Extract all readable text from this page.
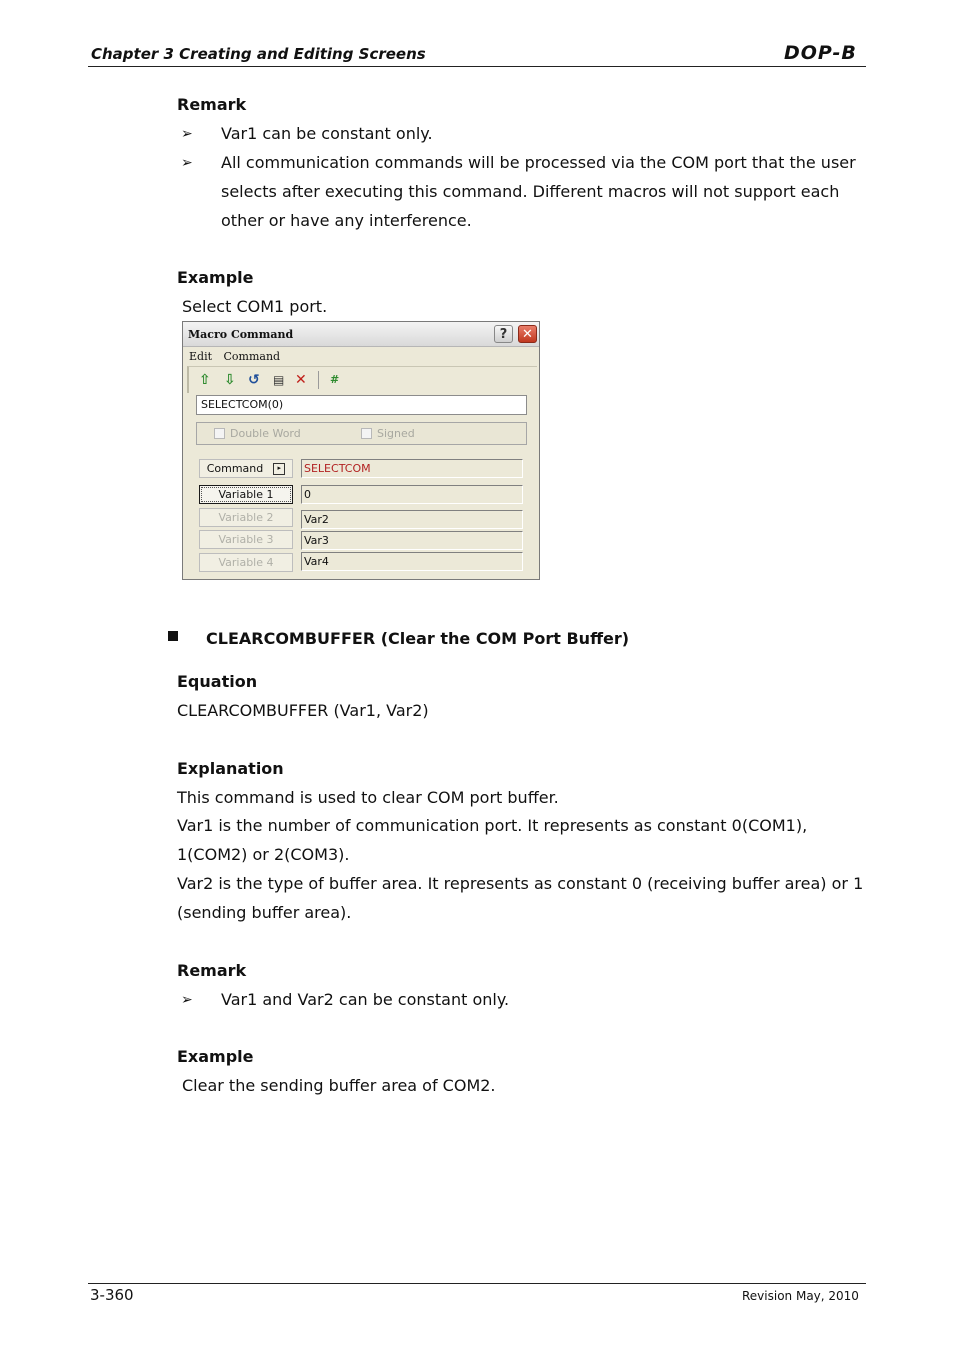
Chapter 3 Creating and Editing Screens	DOP-B
Remark
➢ Var1 can be constant only.
➢ All communication commands will be processed via the COM port that the user
selects after executing this command. Different macros will not support each
other or have any interference.
Example
Select COM1 port.
Macro Command	?	✕
Edit Command
⇧ ⇩ ↺ ▤ ✕ #
SELECTCOM(0)
Double Word	Signed
Command ▸	SELECTCOM
Variable 1	0
Variable 2	Var2
Variable 3	Var3
Variable 4	Var4
CLEARCOMBUFFER (Clear the COM Port Buffer)
Equation
CLEARCOMBUFFER (Var1, Var2)
Explanation
This command is used to clear COM port buffer.
Var1 is the number of communication port. It represents as constant 0(COM1),
1(COM2) or 2(COM3).
Var2 is the type of buffer area. It represents as constant 0 (receiving buffer area) or 1
(sending buffer area).
Remark
➢ Var1 and Var2 can be constant only.
Example
Clear the sending buffer area of COM2.
3-360	Revision May, 2010
